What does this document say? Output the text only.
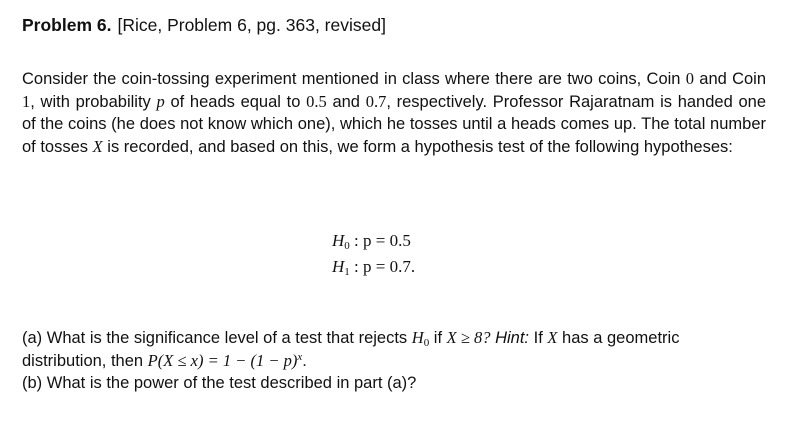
Problem 6. [Rice, Problem 6, pg. 363, revised]
Consider the coin-tossing experiment mentioned in class where there are two coins, Coin 0 and Coin 1, with probability p of heads equal to 0.5 and 0.7, respectively. Professor Rajaratnam is handed one of the coins (he does not know which one), which he tosses until a heads comes up. The total number of tosses X is recorded, and based on this, we form a hypothesis test of the following hypotheses:
$H_0$ : p = 0.5
$H_1$ : p = 0.7.
(a) What is the significance level of a test that rejects $H_0$ if X ≥ 8? Hint: If X has a geometric distribution, then $P(X \le x) = 1 - (1 - p)^x$.
(b) What is the power of the test described in part (a)?
